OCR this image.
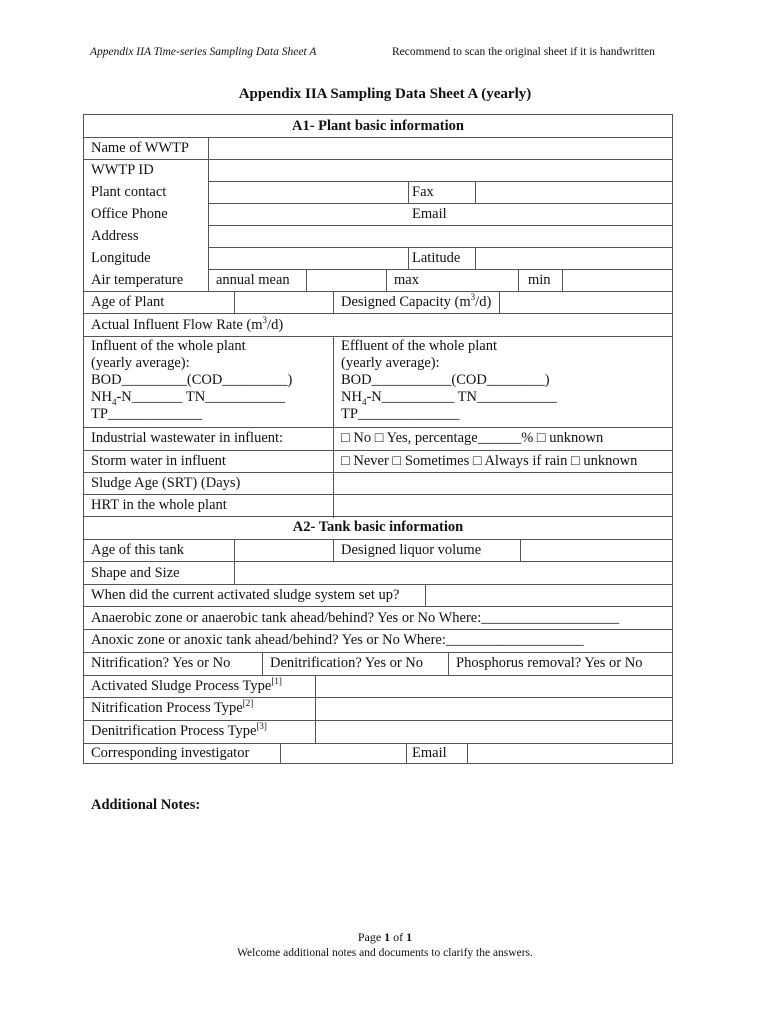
Appendix IIA Time-series Sampling Data Sheet A	Recommend to scan the original sheet if it is handwritten
Appendix IIA Sampling Data Sheet A (yearly)
A1- Plant basic information
Name of WWTP
WWTP ID
Plant contact	Fax
Office Phone	Email
Address
Longitude	Latitude
Air temperature annual mean	max	min
Age of Plant	Designed Capacity $(m^3/d)$
Actual Influent Flow Rate $(m^3/d)$
Influent of the whole plant
(yearly average):
BOD_________(COD_________)
$NH_4-N\_\_\_\_\_\_\_$ TN___________
TP_____________
Effluent of the whole plant
(yearly average):
BOD___________(COD________)
$NH_4-N\_\_\_\_\_\_\_\_\_\_$ TN___________
TP______________
Industrial wastewater in influent:	□ No □ Yes, percentage______% □ unknown
Storm water in influent	□ Never □ Sometimes □ Always if rain □ unknown
Sludge Age (SRT) (Days)
HRT in the whole plant
A2- Tank basic information
Age of this tank	Designed liquor volume
Shape and Size
When did the current activated sludge system set up?
Anaerobic zone or anaerobic tank ahead/behind? Yes or No Where:___________________
Anoxic zone or anoxic tank ahead/behind? Yes or No Where:___________________
Nitrification? Yes or No	Denitrification? Yes or No Phosphorus removal? Yes or No
Activated Sludge Process Type[1]
Nitrification Process Type[2]
Denitrification Process Type[3]
Corresponding investigator	Email
Additional Notes:
Page 1 of 1
Welcome additional notes and documents to clarify the answers.
